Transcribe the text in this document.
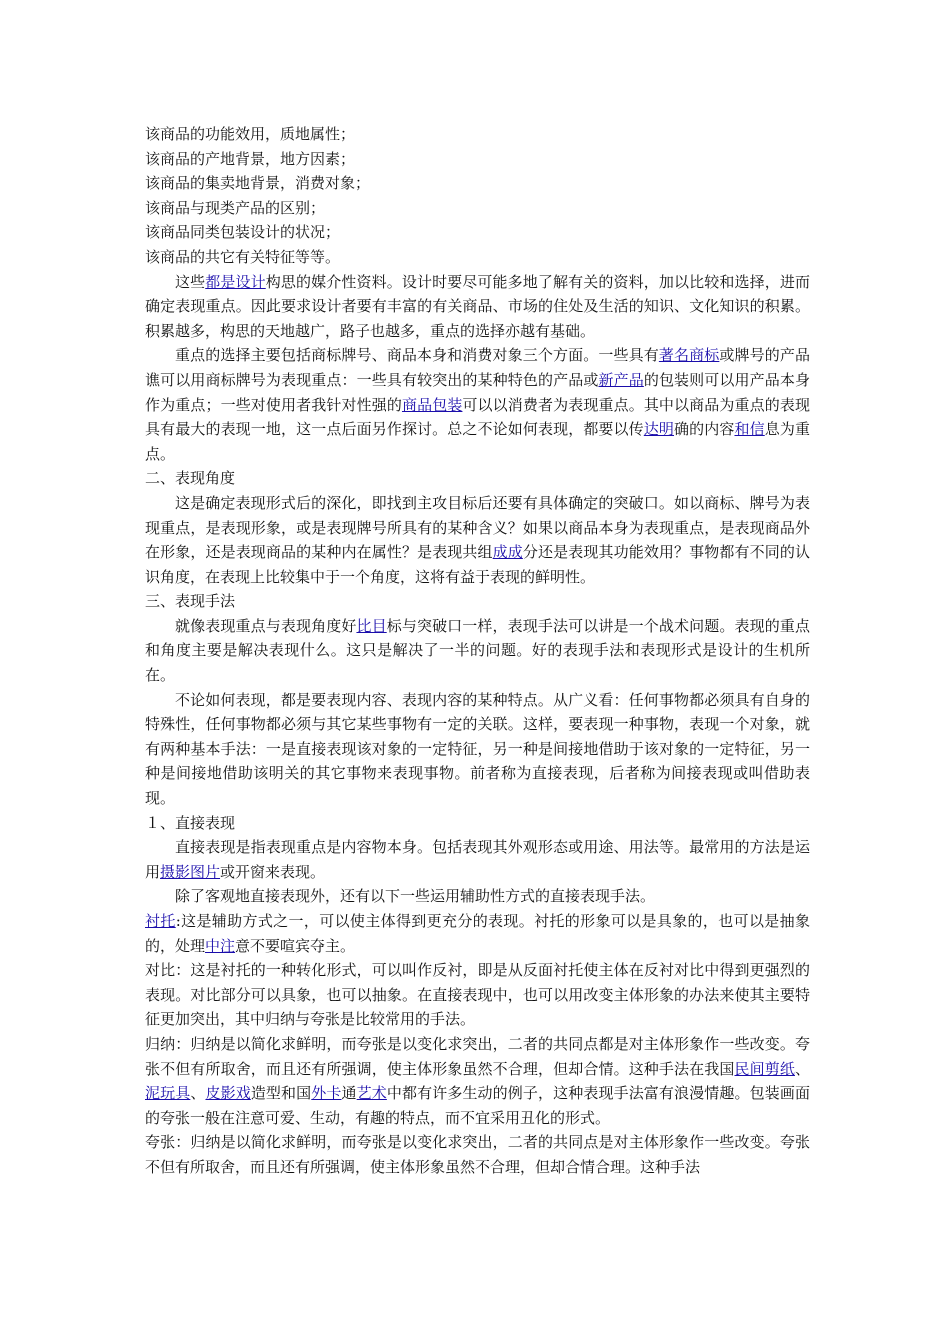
该商品的功能效用，质地属性；
该商品的产地背景，地方因素；
该商品的集卖地背景，消费对象；
该商品与现类产品的区别；
该商品同类包装设计的状况；
该商品的共它有关特征等等。

这些都是设计构思的媒介性资料。设计时要尽可能多地了解有关的资料，加以比较和选择，进而确定表现重点。因此要求设计者要有丰富的有关商品、市场的住处及生活的知识、文化知识的积累。积累越多，构思的天地越广，路子也越多，重点的选择亦越有基础。

重点的选择主要包括商标牌号、商品本身和消费对象三个方面。一些具有著名商标或牌号的产品谯可以用商标牌号为表现重点：一些具有较突出的某种特色的产品或新产品的包装则可以用产品本身作为重点；一些对使用者我针对性强的商品包装可以以消费者为表现重点。其中以商品为重点的表现具有最大的表现一地，这一点后面另作探讨。总之不论如何表现，都要以传达明确的内容和信息为重点。

二、表现角度

这是确定表现形式后的深化，即找到主攻目标后还要有具体确定的突破口。如以商标、牌号为表现重点，是表现形象，或是表现牌号所具有的某种含义？如果以商品本身为表现重点，是表现商品外在形象，还是表现商品的某种内在属性？是表现共组成成分还是表现其功能效用？事物都有不同的认识角度，在表现上比较集中于一个角度，这将有益于表现的鲜明性。

三、表现手法

就像表现重点与表现角度好比目标与突破口一样，表现手法可以讲是一个战术问题。表现的重点和角度主要是解决表现什么。这只是解决了一半的问题。好的表现手法和表现形式是设计的生机所在。

不论如何表现，都是要表现内容、表现内容的某种特点。从广义看：任何事物都必须具有自身的特殊性，任何事物都必须与其它某些事物有一定的关联。这样，要表现一种事物，表现一个对象，就有两种基本手法：一是直接表现该对象的一定特征，另一种是间接地借助于该对象的一定特征，另一种是间接地借助该明关的其它事物来表现事物。前者称为直接表现，后者称为间接表现或叫借助表现。

１、直接表现

直接表现是指表现重点是内容物本身。包括表现其外观形态或用途、用法等。最常用的方法是运用摄影图片或开窗来表现。

除了客观地直接表现外，还有以下一些运用辅助性方式的直接表现手法。

衬托:这是辅助方式之一，可以使主体得到更充分的表现。衬托的形象可以是具象的，也可以是抽象的，处理中注意不要喧宾夺主。

对比：这是衬托的一种转化形式，可以叫作反衬，即是从反面衬托使主体在反衬对比中得到更强烈的表现。对比部分可以具象，也可以抽象。在直接表现中，也可以用改变主体形象的办法来使其主要特征更加突出，其中归纳与夸张是比较常用的手法。

归纳：归纳是以简化求鲜明，而夸张是以变化求突出，二者的共同点都是对主体形象作一些改变。夸张不但有所取舍，而且还有所强调，使主体形象虽然不合理，但却合情。这种手法在我国民间剪纸、泥玩具、皮影戏造型和国外卡通艺术中都有许多生动的例子，这种表现手法富有浪漫情趣。包装画面的夸张一般在注意可爱、生动，有趣的特点，而不宜采用丑化的形式。

夸张：归纳是以简化求鲜明，而夸张是以变化求突出，二者的共同点是对主体形象作一些改变。夸张不但有所取舍，而且还有所强调，使主体形象虽然不合理，但却合情合理。这种手法
